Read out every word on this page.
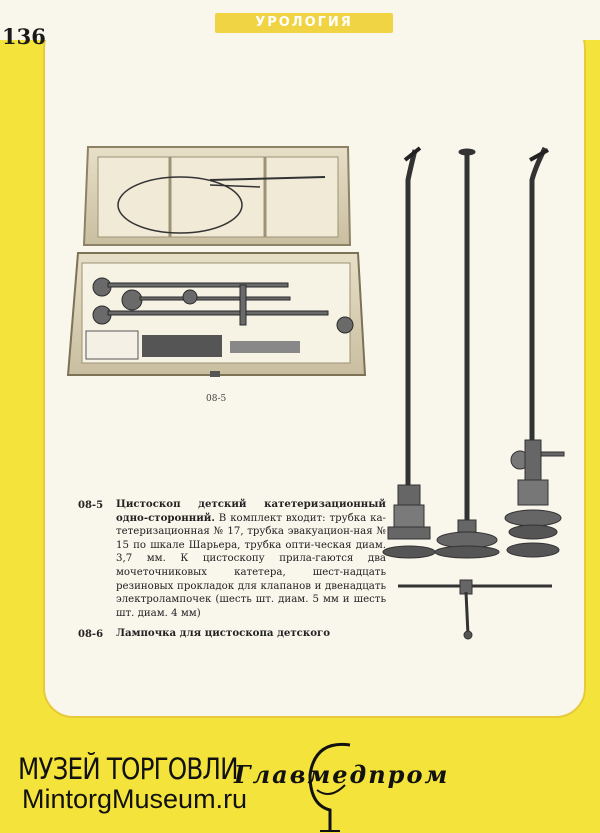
136
УРОЛОГИЯ
08-5
08-5 Цистоскоп детский катетеризационный одно-сторонний. В комплект входит: трубка ка-тетеризационная № 17, трубка эвакуацион-ная № 15 по шкале Шарьера, трубка опти-ческая диам. 3,7 мм. К цистоскопу прила-гаются два мочеточниковых катетера, шест-надцать резиновых прокладок для клапанов и двенадцать электролампочек (шесть шт. диам. 5 мм и шесть шт. диам. 4 мм)
08-6 Лампочка для цистоскопа детского
МУЗЕЙ ТОРГОВЛИ
MintorgMuseum.ru
Главмедпром
